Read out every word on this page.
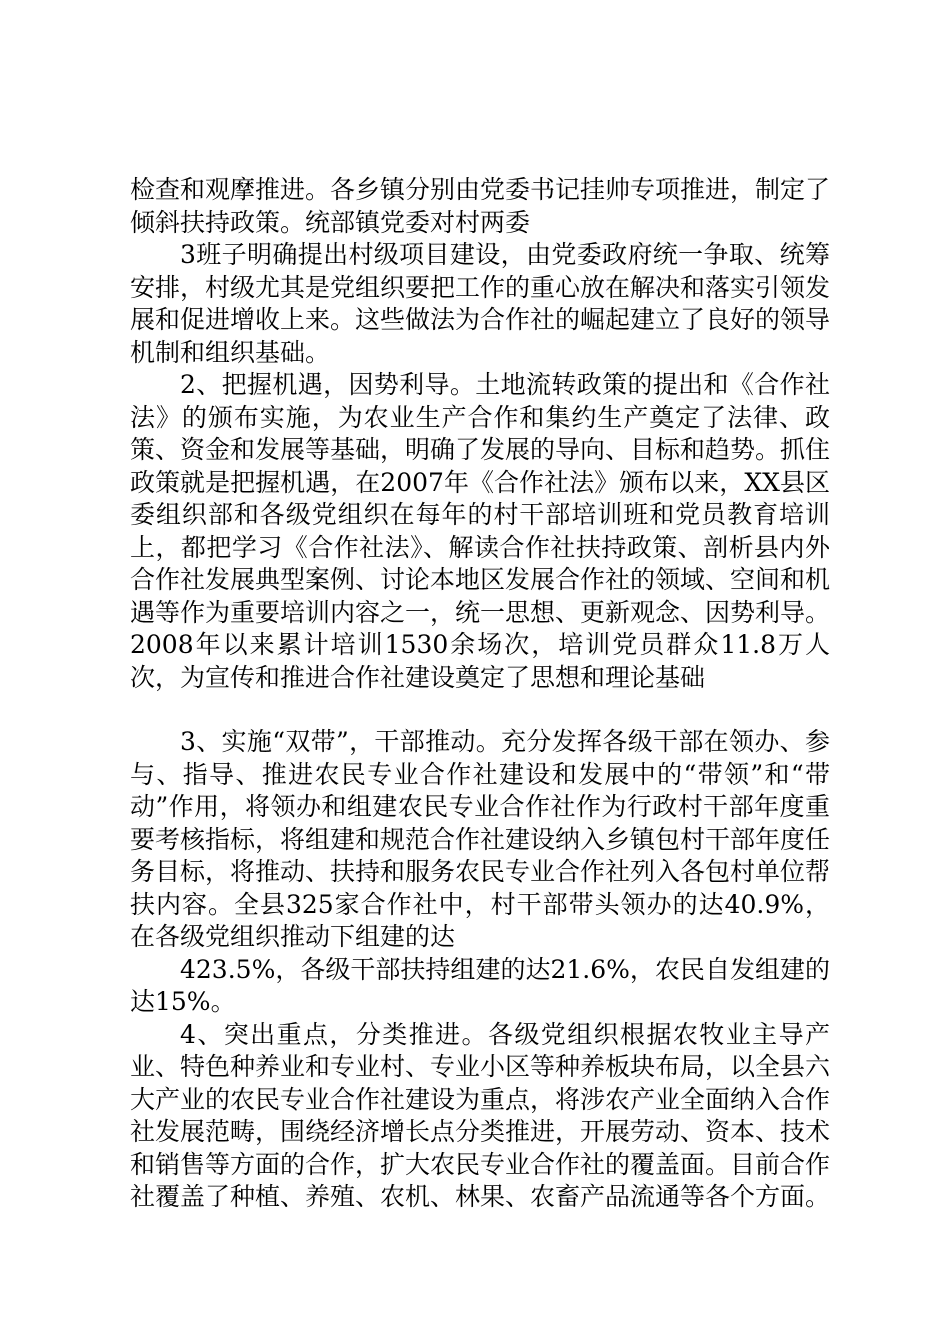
检查和观摩推进。各乡镇分别由党委书记挂帅专项推进，制定了倾斜扶持政策。统部镇党委对村两委

3班子明确提出村级项目建设，由党委政府统一争取、统筹安排，村级尤其是党组织要把工作的重心放在解决和落实引领发展和促进增收上来。这些做法为合作社的崛起建立了良好的领导机制和组织基础。

2、把握机遇，因势利导。土地流转政策的提出和《合作社法》的颁布实施，为农业生产合作和集约生产奠定了法律、政策、资金和发展等基础，明确了发展的导向、目标和趋势。抓住政策就是把握机遇，在2007年《合作社法》颁布以来，XX县区委组织部和各级党组织在每年的村干部培训班和党员教育培训上，都把学习《合作社法》、解读合作社扶持政策、剖析县内外合作社发展典型案例、讨论本地区发展合作社的领域、空间和机遇等作为重要培训内容之一，统一思想、更新观念、因势利导。2008年以来累计培训1530余场次，培训党员群众11.8万人次，为宣传和推进合作社建设奠定了思想和理论基础

3、实施“双带”，干部推动。充分发挥各级干部在领办、参与、指导、推进农民专业合作社建设和发展中的“带领”和“带动”作用，将领办和组建农民专业合作社作为行政村干部年度重要考核指标，将组建和规范合作社建设纳入乡镇包村干部年度任务目标，将推动、扶持和服务农民专业合作社列入各包村单位帮扶内容。全县325家合作社中，村干部带头领办的达40.9%，在各级党组织推动下组建的达

423.5%，各级干部扶持组建的达21.6%，农民自发组建的达15%。

4、突出重点，分类推进。各级党组织根据农牧业主导产业、特色种养业和专业村、专业小区等种养板块布局，以全县六大产业的农民专业合作社建设为重点，将涉农产业全面纳入合作社发展范畴，围绕经济增长点分类推进，开展劳动、资本、技术和销售等方面的合作，扩大农民专业合作社的覆盖面。目前合作社覆盖了种植、养殖、农机、林果、农畜产品流通等各个方面。
